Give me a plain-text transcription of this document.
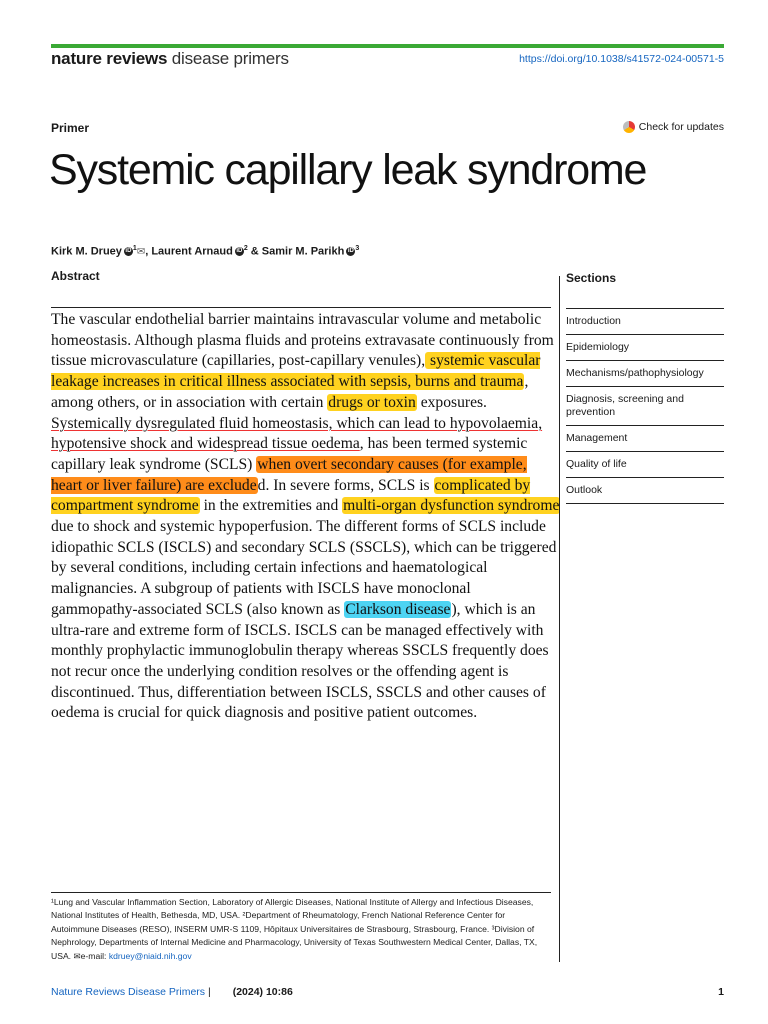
nature reviews disease primers	https://doi.org/10.1038/s41572-024-00571-5
Primer	Check for updates
Systemic capillary leak syndrome
Kirk M. Druey iD $^1$✉, Laurent Arnaud iD $^2$ & Samir M. Parikh iD $^3$
Abstract

The vascular endothelial barrier maintains intravascular volume and metabolic homeostasis. Although plasma fluids and proteins extravasate continuously from tissue microvasculature (capillaries, post-capillary venules), systemic vascular leakage increases in critical illness associated with sepsis, burns and trauma, among others, or in association with certain drugs or toxin exposures. Systemically dysregulated fluid homeostasis, which can lead to hypovolaemia, hypotensive shock and widespread tissue oedema, has been termed systemic capillary leak syndrome (SCLS) when overt secondary causes (for example, heart or liver failure) are excluded. In severe forms, SCLS is complicated by compartment syndrome in the extremities and multi-organ dysfunction syndrome due to shock and systemic hypoperfusion. The different forms of SCLS include idiopathic SCLS (ISCLS) and secondary SCLS (SSCLS), which can be triggered by several conditions, including certain infections and haematological malignancies. A subgroup of patients with ISCLS have monoclonal gammopathy-associated SCLS (also known as Clarkson disease), which is an ultra-rare and extreme form of ISCLS. ISCLS can be managed effectively with monthly prophylactic immunoglobulin therapy whereas SSCLS frequently does not recur once the underlying condition resolves or the offending agent is discontinued. Thus, differentiation between ISCLS, SSCLS and other causes of oedema is crucial for quick diagnosis and positive patient outcomes.

Sections
Introduction
Epidemiology
Mechanisms/pathophysiology
Diagnosis, screening and prevention
Management
Quality of life
Outlook
¹Lung and Vascular Inflammation Section, Laboratory of Allergic Diseases, National Institute of Allergy and Infectious Diseases, National Institutes of Health, Bethesda, MD, USA. ²Department of Rheumatology, French National Reference Center for Autoimmune Diseases (RESO), INSERM UMR-S 1109, Hôpitaux Universitaires de Strasbourg, Strasbourg, France. ³Division of Nephrology, Departments of Internal Medicine and Pharmacology, University of Texas Southwestern Medical Center, Dallas, TX, USA. ✉e-mail: kdruey@niaid.nih.gov
Nature Reviews Disease Primers | (2024) 10:86	1
